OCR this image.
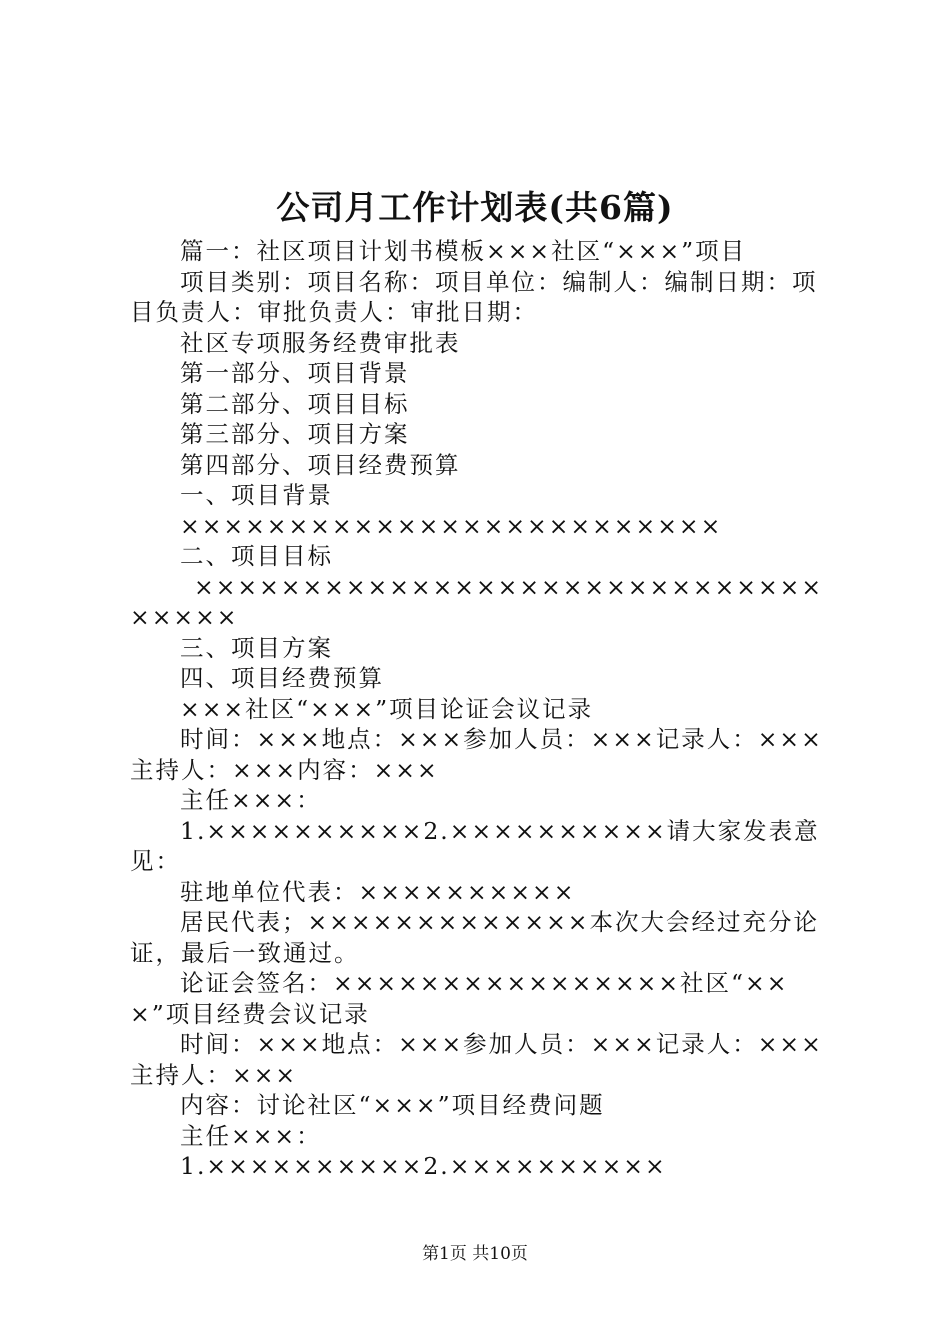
公司月工作计划表(共6篇)

篇一：社区项目计划书模板×××社区“×××”项目

项目类别：项目名称：项目单位：编制人：编制日期：项目负责人：审批负责人：审批日期：

社区专项服务经费审批表

第一部分、项目背景

第二部分、项目目标

第三部分、项目方案

第四部分、项目经费预算

一、项目背景

×××××××××××××××××××××××××

二、项目目标

××××××××××××××××××××××××××××××××××

三、项目方案

四、项目经费预算

×××社区“×××”项目论证会议记录

时间：×××地点：×××参加人员：×××记录人：×××主持人：×××内容：×××

主任×××：

1.××××××××××2.××××××××××请大家发表意见：

驻地单位代表：××××××××××

居民代表；×××××××××××××本次大会经过充分论证，最后一致通过。

论证会签名：××××××××××××××××社区“×××”项目经费会议记录

时间：×××地点：×××参加人员：×××记录人：×××主持人：×××

内容：讨论社区“×××”项目经费问题

主任×××：

1.××××××××××2.××××××××××

第1页 共10页
